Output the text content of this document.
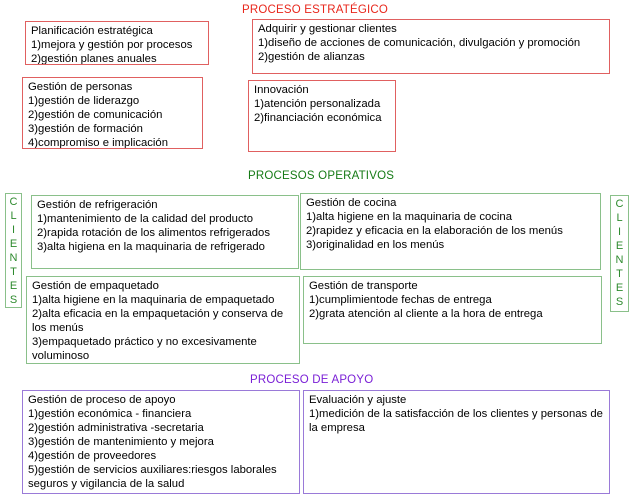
PROCESO ESTRATÉGICO
PROCESOS OPERATIVOS
PROCESO DE APOYO
Planificación estratégica
1)mejora y gestión por procesos
2)gestión planes anuales
Adquirir y gestionar clientes
1)diseño de acciones de comunicación, divulgación y promoción
2)gestión de alianzas
Gestión de personas
1)gestión de liderazgo
2)gestión de comunicación
3)gestión de formación
4)compromiso e implicación
Innovación
1)atención personalizada
2)financiación económica
C
L
I
E
N
T
E
S
C
L
I
E
N
T
E
S
Gestión de refrigeración
1)mantenimiento de la calidad del producto
2)rapida rotación de los alimentos refrigerados
3)alta higiena en la maquinaria de refrigerado
Gestión de cocina
1)alta higiene en la maquinaria de cocina
2)rapidez y eficacia en la elaboración de los menús
3)originalidad en los menús
Gestión de empaquetado
1)alta higiene en la maquinaria de empaquetado
2)alta eficacia en la empaquetación y conserva de los menús
3)empaquetado práctico y no excesivamente voluminoso
Gestión de transporte
1)cumplimientode fechas de entrega
2)grata atención al cliente a la hora de entrega
Gestión de proceso de apoyo
1)gestión económica - financiera
2)gestión administrativa -secretaria
3)gestión de mantenimiento y mejora
4)gestión de proveedores
5)gestión de servicios auxiliares:riesgos laborales seguros y vigilancia de la salud
Evaluación y ajuste
1)medición de la satisfacción de los clientes y personas de la empresa
